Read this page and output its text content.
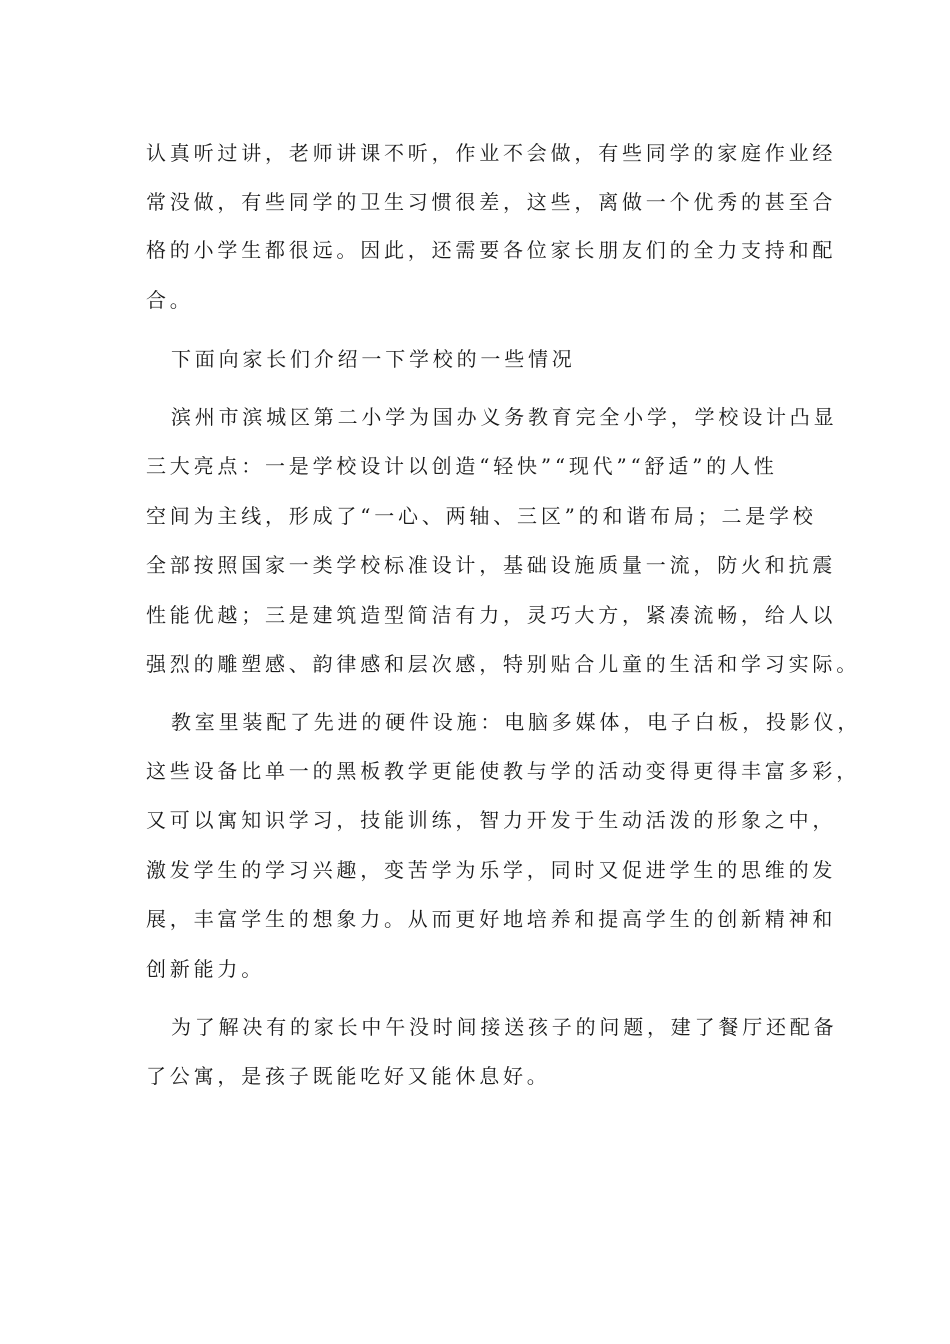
认真听过讲，老师讲课不听，作业不会做，有些同学的家庭作业经
常没做，有些同学的卫生习惯很差，这些，离做一个优秀的甚至合
格的小学生都很远。因此，还需要各位家长朋友们的全力支持和配
合。
下面向家长们介绍一下学校的一些情况
滨州市滨城区第二小学为国办义务教育完全小学，学校设计凸显
三大亮点：一是学校设计以创造“轻快”“现代”“舒适”的人性
空间为主线，形成了“一心、两轴、三区”的和谐布局；二是学校
全部按照国家一类学校标准设计，基础设施质量一流，防火和抗震
性能优越；三是建筑造型简洁有力，灵巧大方，紧凑流畅，给人以
强烈的雕塑感、韵律感和层次感，特别贴合儿童的生活和学习实际。
教室里装配了先进的硬件设施：电脑多媒体，电子白板，投影仪，
这些设备比单一的黑板教学更能使教与学的活动变得更得丰富多彩，
又可以寓知识学习，技能训练，智力开发于生动活泼的形象之中，
激发学生的学习兴趣，变苦学为乐学，同时又促进学生的思维的发
展，丰富学生的想象力。从而更好地培养和提高学生的创新精神和
创新能力。
为了解决有的家长中午没时间接送孩子的问题，建了餐厅还配备
了公寓，是孩子既能吃好又能休息好。
